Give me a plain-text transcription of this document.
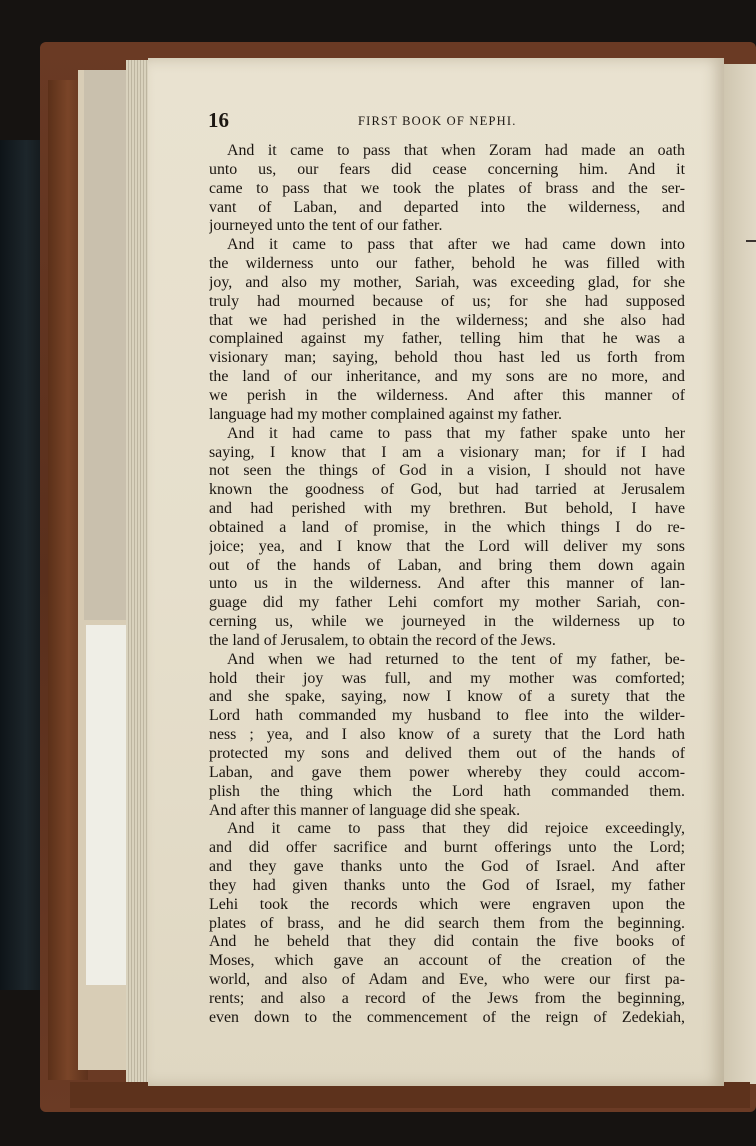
16	FIRST BOOK OF NEPHI.
And it came to pass that when Zoram had made an oath
unto us, our fears did cease concerning him. And it
came to pass that we took the plates of brass and the ser-
vant of Laban, and departed into the wilderness, and
journeyed unto the tent of our father.
And it came to pass that after we had came down into
the wilderness unto our father, behold he was filled with
joy, and also my mother, Sariah, was exceeding glad, for she
truly had mourned because of us; for she had supposed
that we had perished in the wilderness; and she also had
complained against my father, telling him that he was a
visionary man; saying, behold thou hast led us forth from
the land of our inheritance, and my sons are no more, and
we perish in the wilderness. And after this manner of
language had my mother complained against my father.
And it had came to pass that my father spake unto her
saying, I know that I am a visionary man; for if I had
not seen the things of God in a vision, I should not have
known the goodness of God, but had tarried at Jerusalem
and had perished with my brethren. But behold, I have
obtained a land of promise, in the which things I do re-
joice; yea, and I know that the Lord will deliver my sons
out of the hands of Laban, and bring them down again
unto us in the wilderness. And after this manner of lan-
guage did my father Lehi comfort my mother Sariah, con-
cerning us, while we journeyed in the wilderness up to
the land of Jerusalem, to obtain the record of the Jews.
And when we had returned to the tent of my father, be-
hold their joy was full, and my mother was comforted;
and she spake, saying, now I know of a surety that the
Lord hath commanded my husband to flee into the wilder-
ness ; yea, and I also know of a surety that the Lord hath
protected my sons and delived them out of the hands of
Laban, and gave them power whereby they could accom-
plish the thing which the Lord hath commanded them.
And after this manner of language did she speak.
And it came to pass that they did rejoice exceedingly,
and did offer sacrifice and burnt offerings unto the Lord;
and they gave thanks unto the God of Israel. And after
they had given thanks unto the God of Israel, my father
Lehi took the records which were engraven upon the
plates of brass, and he did search them from the beginning.
And he beheld that they did contain the five books of
Moses, which gave an account of the creation of the
world, and also of Adam and Eve, who were our first pa-
rents; and also a record of the Jews from the beginning,
even down to the commencement of the reign of Zedekiah,
